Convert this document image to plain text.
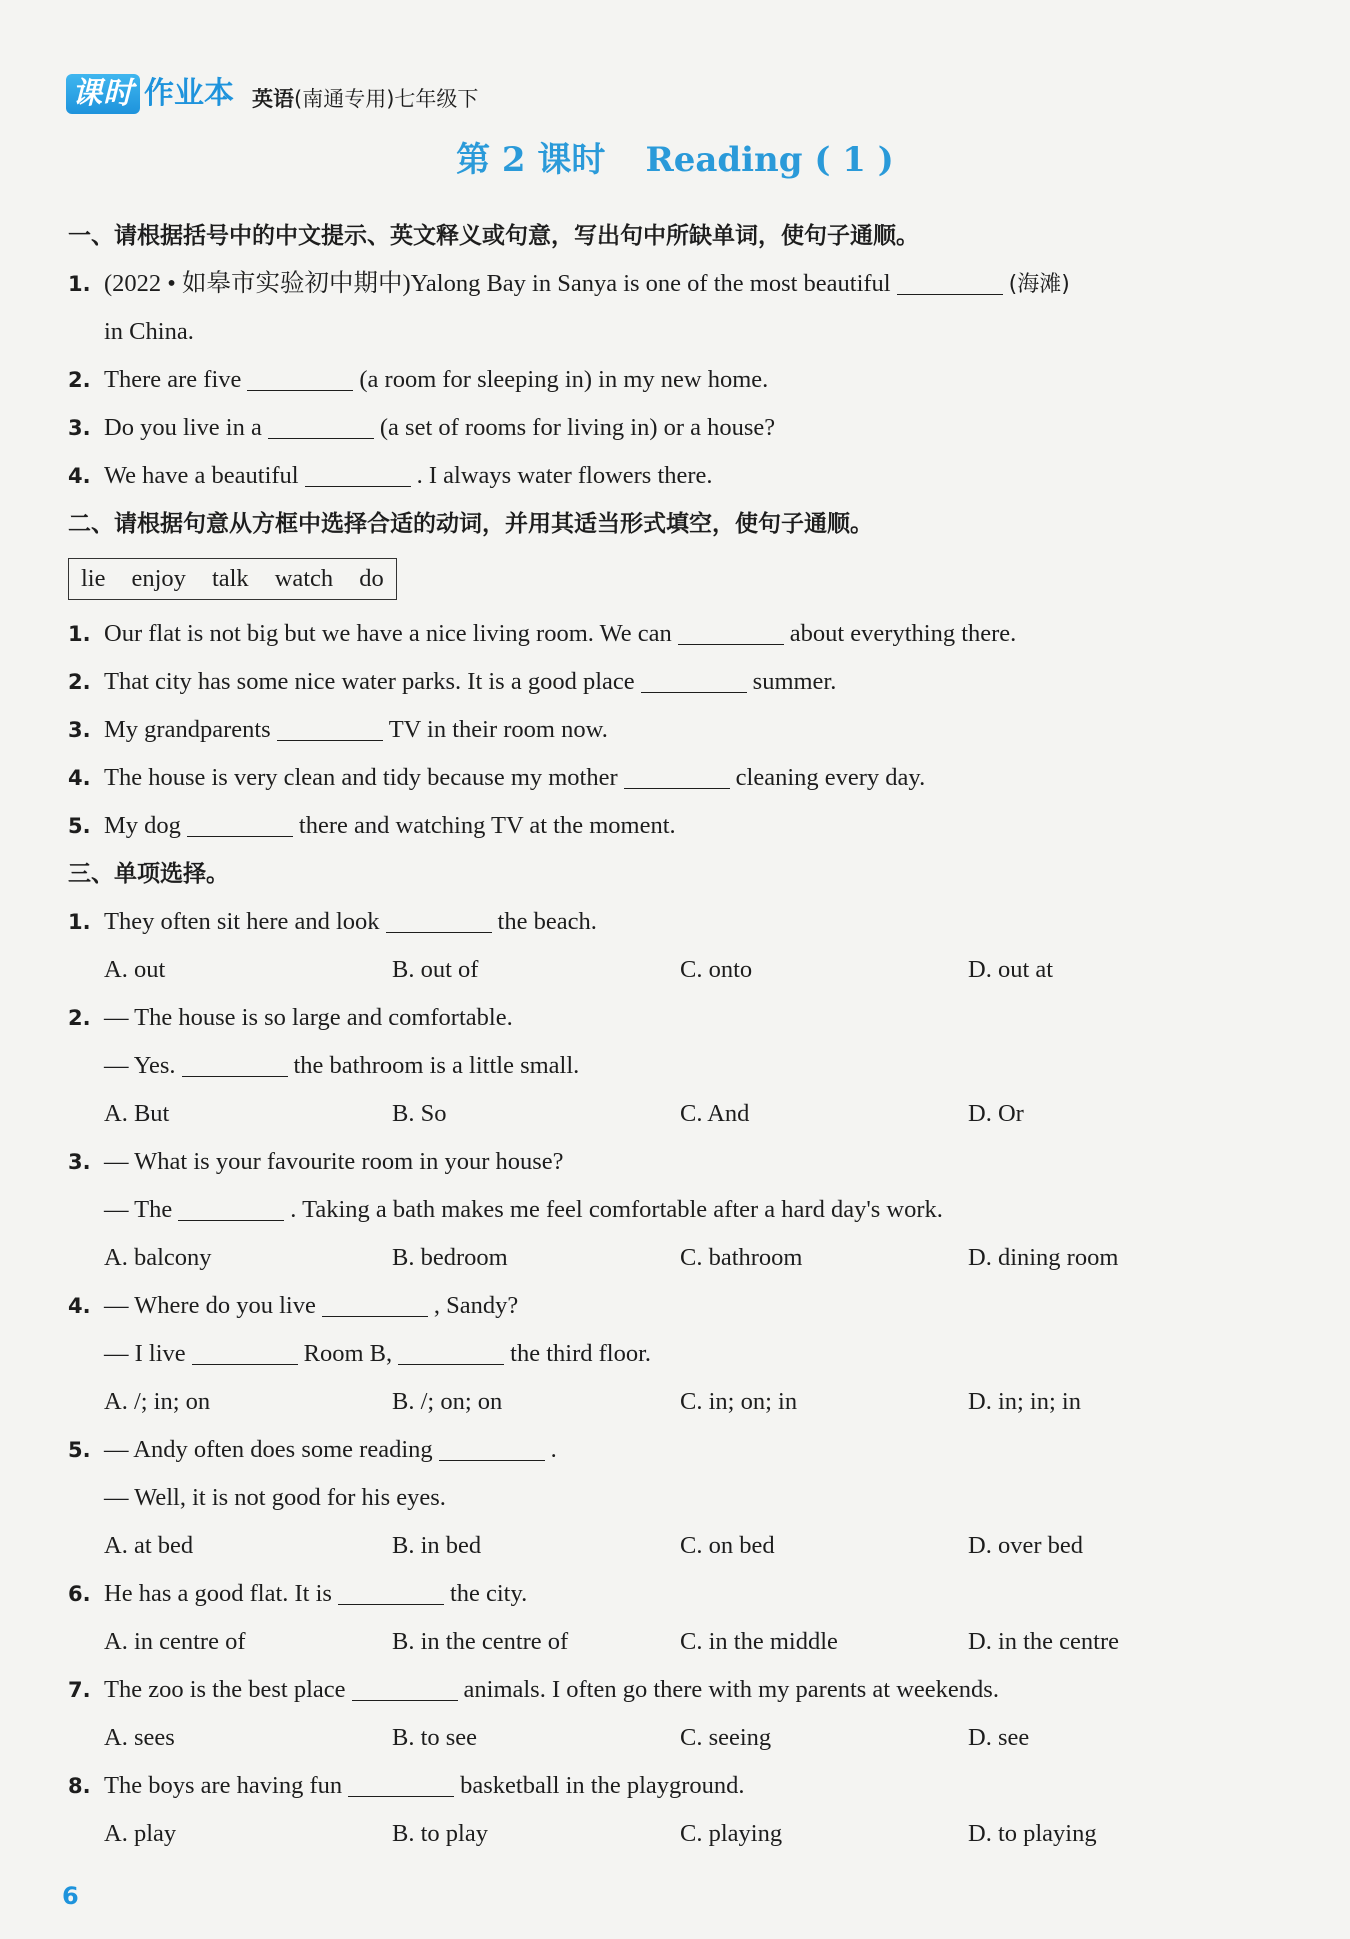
课时 作业本 英语(南通专用)七年级下
第 2 课时 Reading ( 1 )
一、请根据括号中的中文提示、英文释义或句意，写出句中所缺单词，使句子通顺。
1. (2022 • 如皋市实验初中期中)Yalong Bay in Sanya is one of the most beautiful	(海滩)
in China.
2. There are five	(a room for sleeping in) in my new home.
3. Do you live in a	(a set of rooms for living in) or a house?
4. We have a beautiful	. I always water flowers there.
二、请根据句意从方框中选择合适的动词，并用其适当形式填空，使句子通顺。
lie enjoy talk watch do
1. Our flat is not big but we have a nice living room. We can	about everything there.
2. That city has some nice water parks. It is a good place	summer.
3. My grandparents	TV in their room now.
4. The house is very clean and tidy because my mother	cleaning every day.
5. My dog	there and watching TV at the moment.
三、单项选择。
1. They often sit here and look	the beach.
A. out	B. out of	C. onto	D. out at
2. — The house is so large and comfortable.
— Yes.	the bathroom is a little small.
A. But	B. So	C. And	D. Or
3. — What is your favourite room in your house?
— The	. Taking a bath makes me feel comfortable after a hard day's work.
A. balcony	B. bedroom	C. bathroom	D. dining room
4. — Where do you live	, Sandy?
— I live	Room B,	the third floor.
A. /; in; on	B. /; on; on	C. in; on; in	D. in; in; in
5. — Andy often does some reading	.
— Well, it is not good for his eyes.
A. at bed	B. in bed	C. on bed	D. over bed
6. He has a good flat. It is	the city.
A. in centre of	B. in the centre of	C. in the middle	D. in the centre
7. The zoo is the best place	animals. I often go there with my parents at weekends.
A. sees	B. to see	C. seeing	D. see
8. The boys are having fun	basketball in the playground.
A. play	B. to play	C. playing	D. to playing
6
